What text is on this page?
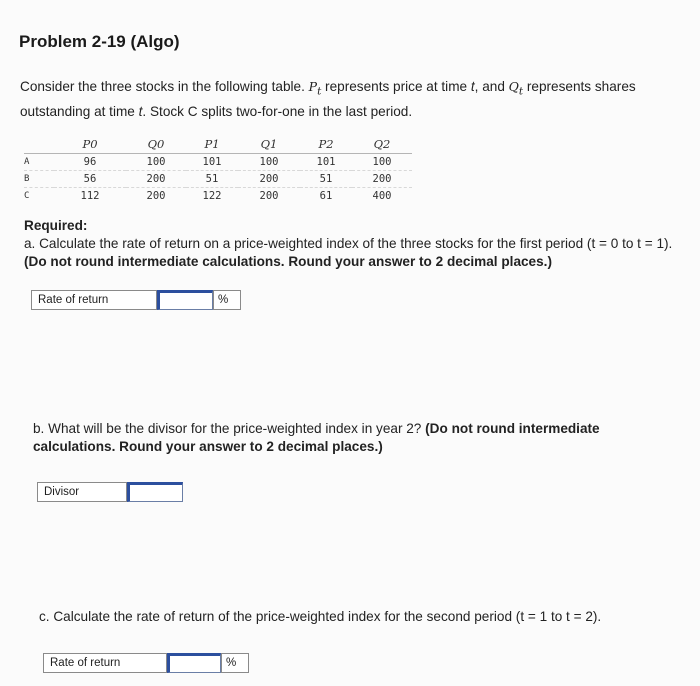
Problem 2-19 (Algo)
Consider the three stocks in the following table. $P_t$ represents price at time t, and $Q_t$ represents shares outstanding at time t. Stock C splits two-for-one in the last period.
	P0	Q0	P1	Q1	P2	Q2
A	96	100	101	100	101	100
B	56	200	51	200	51	200
C	112	200	122	200	61	400
Required:
a. Calculate the rate of return on a price-weighted index of the three stocks for the first period (t = 0 to t = 1). (Do not round intermediate calculations. Round your answer to 2 decimal places.)
Rate of return	%
b. What will be the divisor for the price-weighted index in year 2? (Do not round intermediate calculations. Round your answer to 2 decimal places.)
Divisor
c. Calculate the rate of return of the price-weighted index for the second period (t = 1 to t = 2).
Rate of return	%
